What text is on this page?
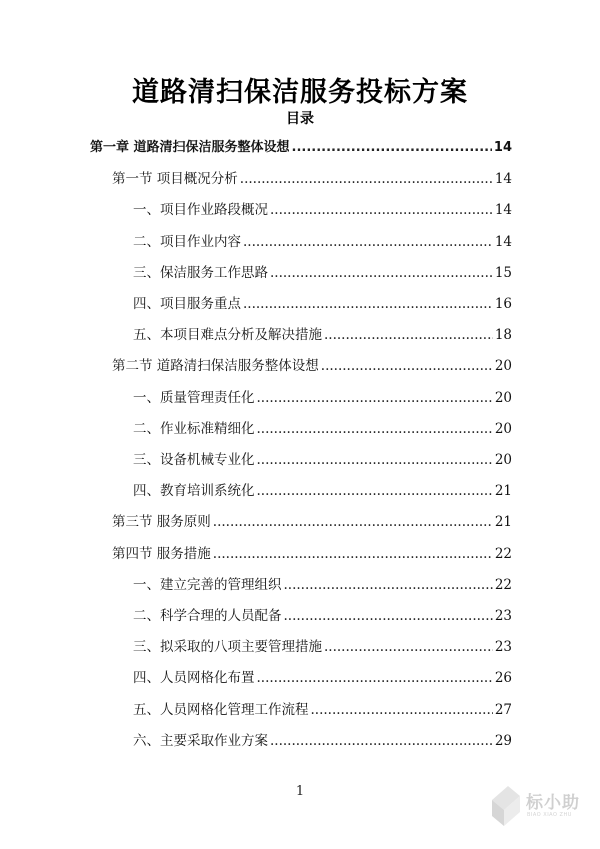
道路清扫保洁服务投标方案
目录
第一章 道路清扫保洁服务整体设想 .....	14
第一节 项目概况分析 .....	14
一、项目作业路段概况 .....	14
二、项目作业内容 .....	14
三、保洁服务工作思路 .....	15
四、项目服务重点 .....	16
五、本项目难点分析及解决措施 .....	18
第二节 道路清扫保洁服务整体设想 .....	20
一、质量管理责任化 .....	20
二、作业标准精细化 .....	20
三、设备机械专业化 .....	20
四、教育培训系统化 .....	21
第三节 服务原则 .....	21
第四节 服务措施 .....	22
一、建立完善的管理组织 .....	22
二、科学合理的人员配备 .....	23
三、拟采取的八项主要管理措施 .....	23
四、人员网格化布置 .....	26
五、人员网格化管理工作流程 .....	27
六、主要采取作业方案 .....	29
1
标小助
BIAO XIAO ZHU
